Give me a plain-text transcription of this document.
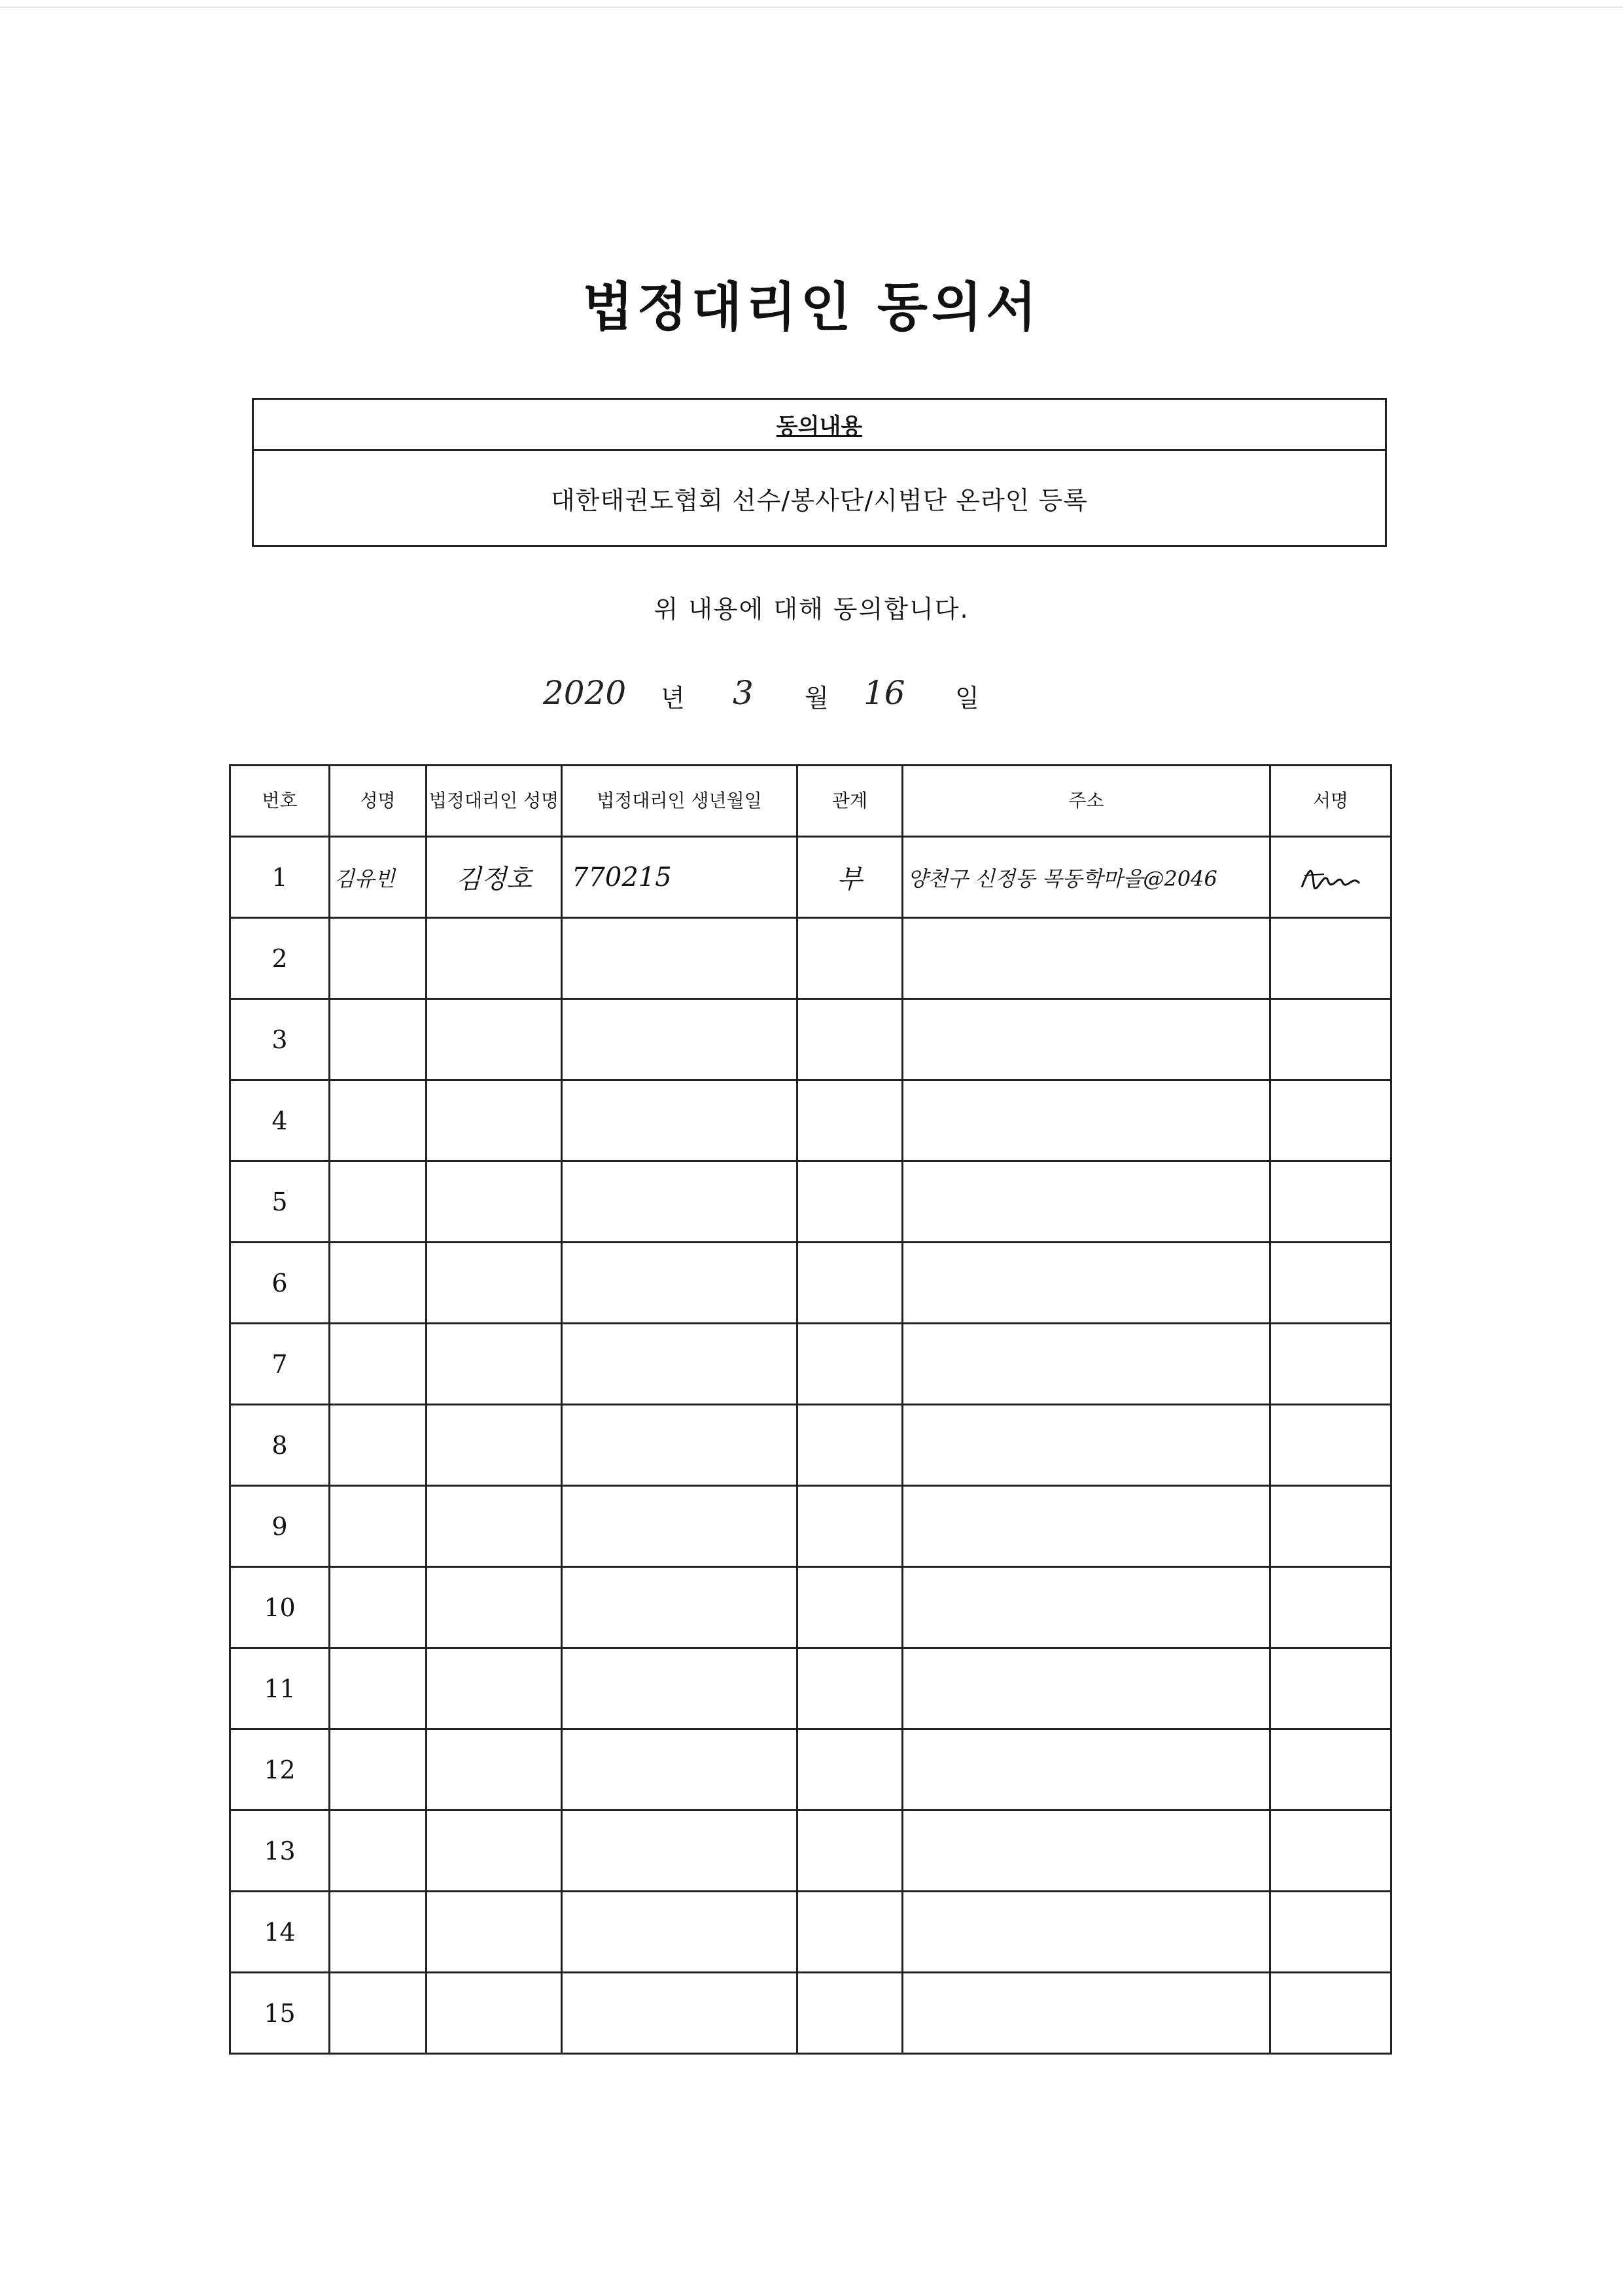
법정대리인 동의서
동의내용
대한태권도협회 선수/봉사단/시범단 온라인 등록
위 내용에 대해 동의합니다.
2020 년 3 월 16 일
번호	성명	법정대리인 성명	법정대리인 생년월일	관계	주소	서명
1	김유빈	김정호	770215	부	양천구 신정동 목동학마을@2046	
2						
3						
4						
5						
6						
7						
8						
9						
10						
11						
12						
13						
14						
15						
